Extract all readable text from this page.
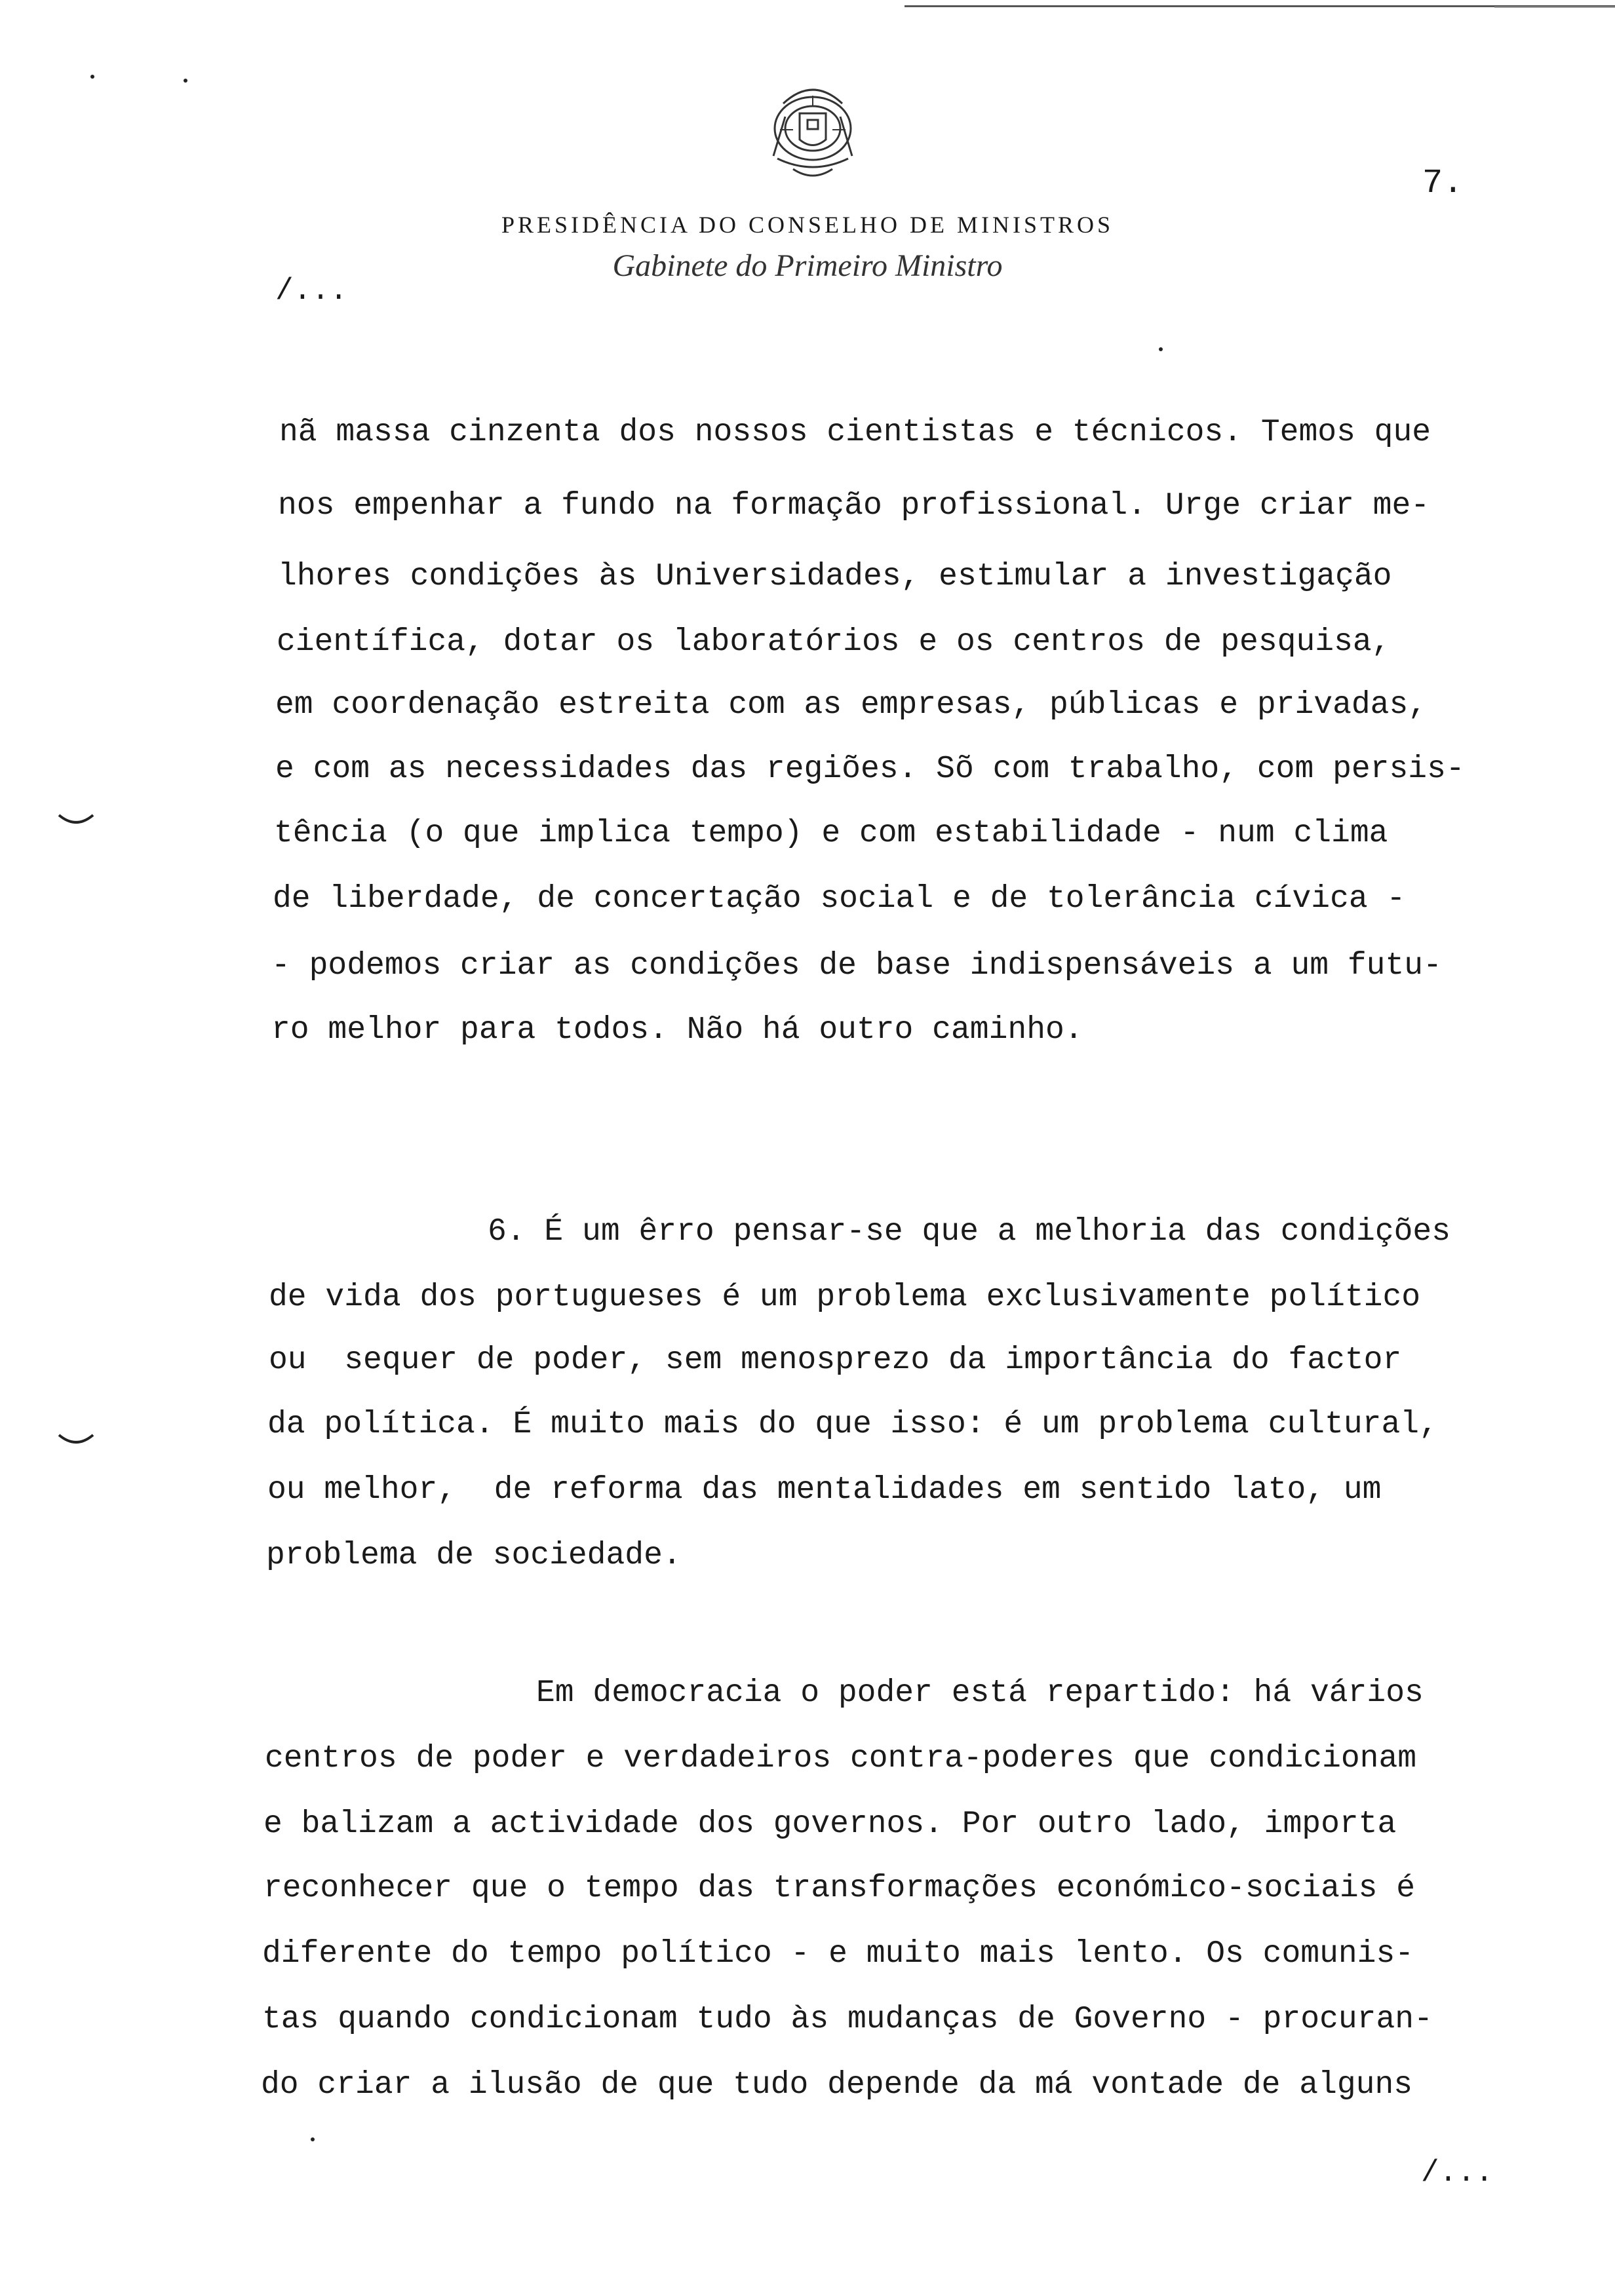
7.
PRESIDÊNCIA DO CONSELHO DE MINISTROS
Gabinete do Primeiro Ministro
/...
nã massa cinzenta dos nossos cientistas e técnicos. Temos que
nos empenhar a fundo na formação profissional. Urge criar me-
lhores condições às Universidades, estimular a investigação
científica, dotar os laboratórios e os centros de pesquisa,
em coordenação estreita com as empresas, públicas e privadas,
e com as necessidades das regiões. Sõ com trabalho, com persis-
tência (o que implica tempo) e com estabilidade - num clima
de liberdade, de concertação social e de tolerância cívica -
- podemos criar as condições de base indispensáveis a um futu-
ro melhor para todos. Não há outro caminho.
6. É um êrro pensar-se que a melhoria das condições
de vida dos portugueses é um problema exclusivamente político
ou  sequer de poder, sem menosprezo da importância do factor
da política. É muito mais do que isso: é um problema cultural,
ou melhor,  de reforma das mentalidades em sentido lato, um
problema de sociedade.
Em democracia o poder está repartido: há vários
centros de poder e verdadeiros contra-poderes que condicionam
e balizam a actividade dos governos. Por outro lado, importa
reconhecer que o tempo das transformações económico-sociais é
diferente do tempo político - e muito mais lento. Os comunis-
tas quando condicionam tudo às mudanças de Governo - procuran-
do criar a ilusão de que tudo depende da má vontade de alguns
/...
